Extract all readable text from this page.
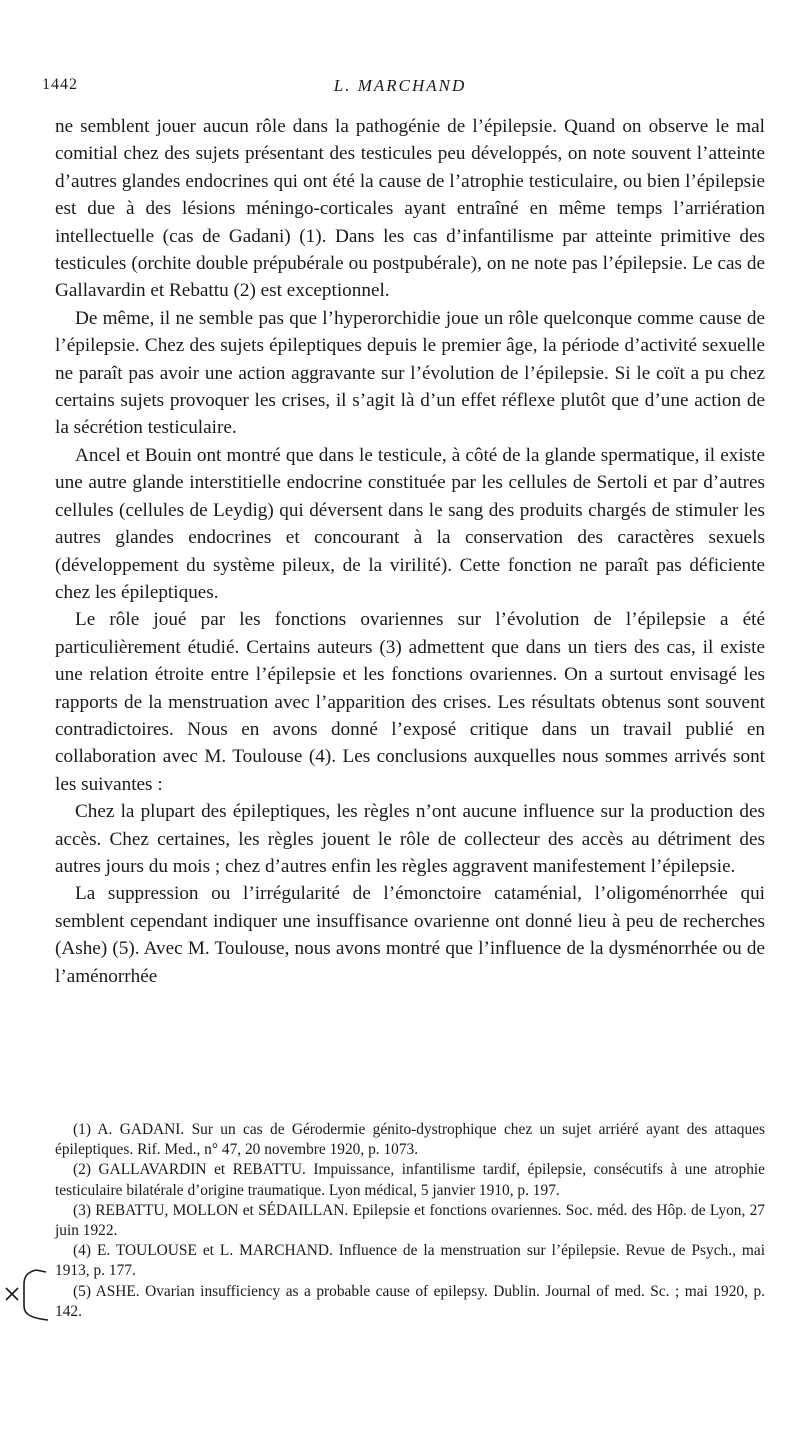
1442	L. MARCHAND

ne semblent jouer aucun rôle dans la pathogénie de l’épilepsie. Quand on observe le mal comitial chez des sujets présentant des testicules peu développés, on note souvent l’atteinte d’autres glandes endocrines qui ont été la cause de l’atrophie testiculaire, ou bien l’épilepsie est due à des lésions méningo-corticales ayant entraîné en même temps l’arriération intellectuelle (cas de Gadani) (1). Dans les cas d’infantilisme par atteinte primitive des testicules (orchite double prépubérale ou postpubérale), on ne note pas l’épilepsie. Le cas de Gallavardin et Rebattu (2) est exceptionnel.

De même, il ne semble pas que l’hyperorchidie joue un rôle quelconque comme cause de l’épilepsie. Chez des sujets épileptiques depuis le premier âge, la période d’activité sexuelle ne paraît pas avoir une action aggravante sur l’évolution de l’épilepsie. Si le coït a pu chez certains sujets provoquer les crises, il s’agit là d’un effet réflexe plutôt que d’une action de la sécrétion testiculaire.

Ancel et Bouin ont montré que dans le testicule, à côté de la glande spermatique, il existe une autre glande interstitielle endocrine constituée par les cellules de Sertoli et par d’autres cellules (cellules de Leydig) qui déversent dans le sang des produits chargés de stimuler les autres glandes endocrines et concourant à la conservation des caractères sexuels (développement du système pileux, de la virilité). Cette fonction ne paraît pas déficiente chez les épileptiques.

Le rôle joué par les fonctions ovariennes sur l’évolution de l’épilepsie a été particulièrement étudié. Certains auteurs (3) admettent que dans un tiers des cas, il existe une relation étroite entre l’épilepsie et les fonctions ovariennes. On a surtout envisagé les rapports de la menstruation avec l’apparition des crises. Les résultats obtenus sont souvent contradictoires. Nous en avons donné l’exposé critique dans un travail publié en collaboration avec M. Toulouse (4). Les conclusions auxquelles nous sommes arrivés sont les suivantes :

Chez la plupart des épileptiques, les règles n’ont aucune influence sur la production des accès. Chez certaines, les règles jouent le rôle de collecteur des accès au détriment des autres jours du mois ; chez d’autres enfin les règles aggravent manifestement l’épilepsie.

La suppression ou l’irrégularité de l’émonctoire cataménial, l’oligoménorrhée qui semblent cependant indiquer une insuffisance ovarienne ont donné lieu à peu de recherches (Ashe) (5). Avec M. Toulouse, nous avons montré que l’influence de la dysménorrhée ou de l’aménorrhée

(1) A. GADANI. Sur un cas de Gérodermie génito-dystrophique chez un sujet arriéré ayant des attaques épileptiques. Rif. Med., n° 47, 20 novembre 1920, p. 1073.

(2) GALLAVARDIN et REBATTU. Impuissance, infantilisme tardif, épilepsie, consécutifs à une atrophie testiculaire bilatérale d’origine traumatique. Lyon médical, 5 janvier 1910, p. 197.

(3) REBATTU, MOLLON et SÉDAILLAN. Epilepsie et fonctions ovariennes. Soc. méd. des Hôp. de Lyon, 27 juin 1922.

(4) E. TOULOUSE et L. MARCHAND. Influence de la menstruation sur l’épilepsie. Revue de Psych., mai 1913, p. 177.

(5) ASHE. Ovarian insufficiency as a probable cause of epilepsy. Dublin. Journal of med. Sc. ; mai 1920, p. 142.
